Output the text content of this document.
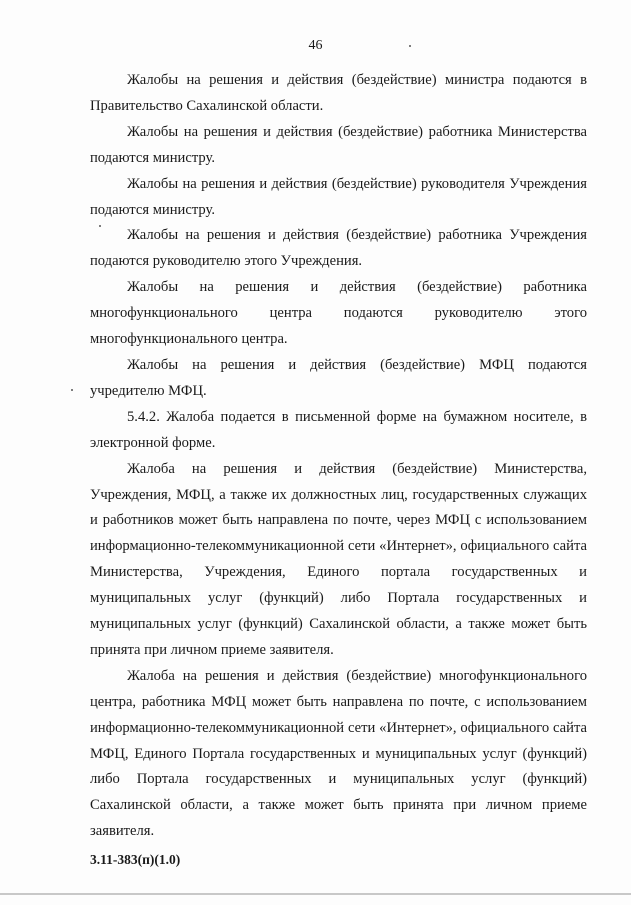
46

Жалобы на решения и действия (бездействие) министра подаются в Правительство Сахалинской области.

Жалобы на решения и действия (бездействие) работника Министерства подаются министру.

Жалобы на решения и действия (бездействие) руководителя Учреждения подаются министру.

Жалобы на решения и действия (бездействие) работника Учреждения подаются руководителю этого Учреждения.

Жалобы на решения и действия (бездействие) работника многофункционального центра подаются руководителю этого многофункционального центра.

Жалобы на решения и действия (бездействие) МФЦ подаются учредителю МФЦ.

5.4.2. Жалоба подается в письменной форме на бумажном носителе, в электронной форме.

Жалоба на решения и действия (бездействие) Министерства, Учреждения, МФЦ, а также их должностных лиц, государственных служащих и работников может быть направлена по почте, через МФЦ с использованием информационно-телекоммуникационной сети «Интернет», официального сайта Министерства, Учреждения, Единого портала государственных и муниципальных услуг (функций) либо Портала государственных и муниципальных услуг (функций) Сахалинской области, а также может быть принята при личном приеме заявителя.

Жалоба на решения и действия (бездействие) многофункционального центра, работника МФЦ может быть направлена по почте, с использованием информационно-телекоммуникационной сети «Интернет», официального сайта МФЦ, Единого Портала государственных и муниципальных услуг (функций) либо Портала государственных и муниципальных услуг (функций) Сахалинской области, а также может быть принята при личном приеме заявителя.

3.11-383(п)(1.0)
